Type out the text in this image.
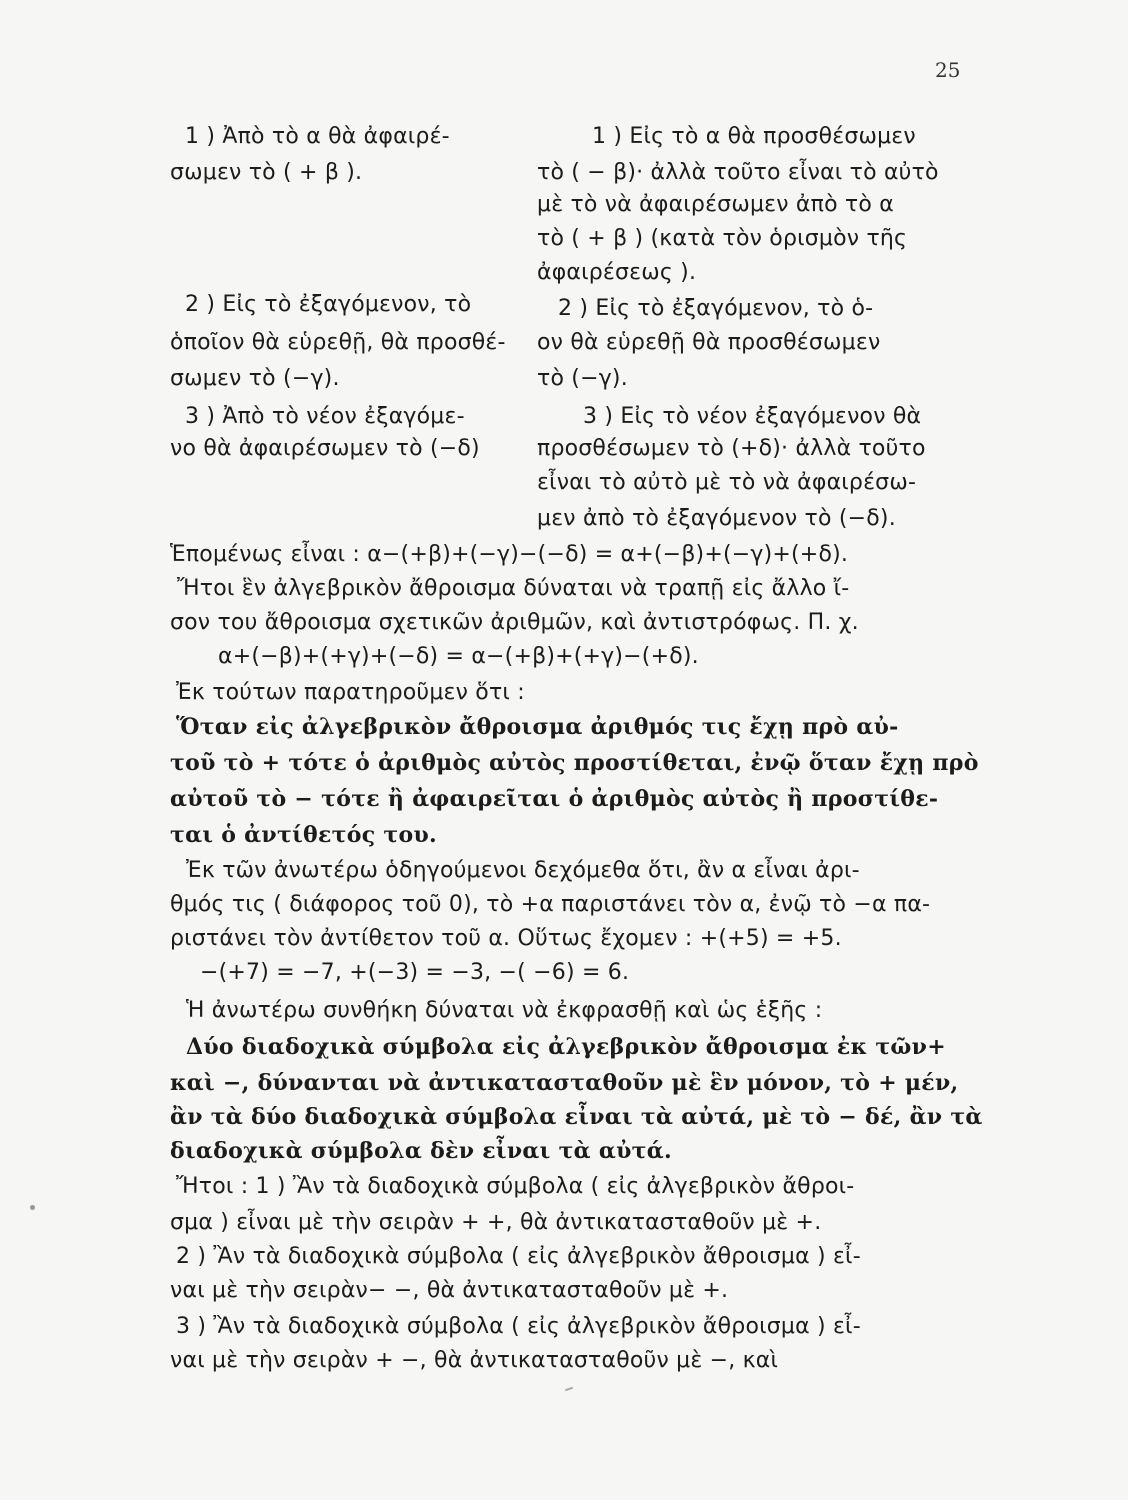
25
1 ) Ἀπὸ τὸ α θὰ ἀφαιρέ-
σωμεν τὸ ( + β ).
2 ) Εἰς τὸ ἐξαγόμενον, τὸ
ὁποῖον θὰ εὑρεθῇ, θὰ προσθέ-
σωμεν τὸ (−γ).
3 ) Ἀπὸ τὸ νέον ἐξαγόμε-
νο θὰ ἀφαιρέσωμεν τὸ (−δ)
1 ) Εἰς τὸ α θὰ προσθέσωμεν
τὸ ( − β)· ἀλλὰ τοῦτο εἶναι τὸ αὐτὸ
μὲ τὸ νὰ ἀφαιρέσωμεν ἀπὸ τὸ α
τὸ ( + β ) (κατὰ τὸν ὁρισμὸν τῆς
ἀφαιρέσεως ).
2 ) Εἰς τὸ ἐξαγόμενον, τὸ ὁ-
ον θὰ εὑρεθῇ θὰ προσθέσωμεν
τὸ (−γ).
3 ) Εἰς τὸ νέον ἐξαγόμενον θὰ
προσθέσωμεν τὸ (+δ)· ἀλλὰ τοῦτο
εἶναι τὸ αὐτὸ μὲ τὸ νὰ ἀφαιρέσω-
μεν ἀπὸ τὸ ἐξαγόμενον τὸ (−δ).
Ἑπομένως εἶναι : α−(+β)+(−γ)−(−δ) = α+(−β)+(−γ)+(+δ).
Ἤτοι ἓν ἀλγεβρικὸν ἄθροισμα δύναται νὰ τραπῇ εἰς ἄλλο ἴ-
σον του ἄθροισμα σχετικῶν ἀριθμῶν, καὶ ἀντιστρόφως. Π. χ.
α+(−β)+(+γ)+(−δ) = α−(+β)+(+γ)−(+δ).
Ἐκ τούτων παρατηροῦμεν ὅτι :
Ὅταν εἰς ἀλγεβρικὸν ἄθροισμα ἀριθμός τις ἔχῃ πρὸ αὐ-
τοῦ τὸ + τότε ὁ ἀριθμὸς αὐτὸς προστίθεται, ἐνῷ ὅταν ἔχῃ πρὸ
αὐτοῦ τὸ − τότε ἢ ἀφαιρεῖται ὁ ἀριθμὸς αὐτὸς ἢ προστίθε-
ται ὁ ἀντίθετός του.
Ἐκ τῶν ἀνωτέρω ὁδηγούμενοι δεχόμεθα ὅτι, ἂν α εἶναι ἀρι-
θμός τις ( διάφορος τοῦ 0), τὸ +α παριστάνει τὸν α, ἐνῷ τὸ −α πα-
ριστάνει τὸν ἀντίθετον τοῦ α. Οὕτως ἔχομεν : +(+5) = +5.
−(+7) = −7, +(−3) = −3, −( −6) = 6.
Ἡ ἀνωτέρω συνθήκη δύναται νὰ ἐκφρασθῇ καὶ ὡς ἑξῆς :
Δύο διαδοχικὰ σύμβολα εἰς ἀλγεβρικὸν ἄθροισμα ἐκ τῶν+
καὶ −, δύνανται νὰ ἀντικατασταθοῦν μὲ ἓν μόνον, τὸ + μέν,
ἂν τὰ δύο διαδοχικὰ σύμβολα εἶναι τὰ αὐτά, μὲ τὸ − δέ, ἂν τὰ
διαδοχικὰ σύμβολα δὲν εἶναι τὰ αὐτά.
Ἤτοι : 1 ) Ἂν τὰ διαδοχικὰ σύμβολα ( εἰς ἀλγεβρικὸν ἄθροι-
σμα ) εἶναι μὲ τὴν σειρὰν + +, θὰ ἀντικατασταθοῦν μὲ +.
2 ) Ἂν τὰ διαδοχικὰ σύμβολα ( εἰς ἀλγεβρικὸν ἄθροισμα ) εἶ-
ναι μὲ τὴν σειρὰν− −, θὰ ἀντικατασταθοῦν μὲ +.
3 ) Ἂν τὰ διαδοχικὰ σύμβολα ( εἰς ἀλγεβρικὸν ἄθροισμα ) εἶ-
ναι μὲ τὴν σειρὰν + −, θὰ ἀντικατασταθοῦν μὲ −, καὶ
